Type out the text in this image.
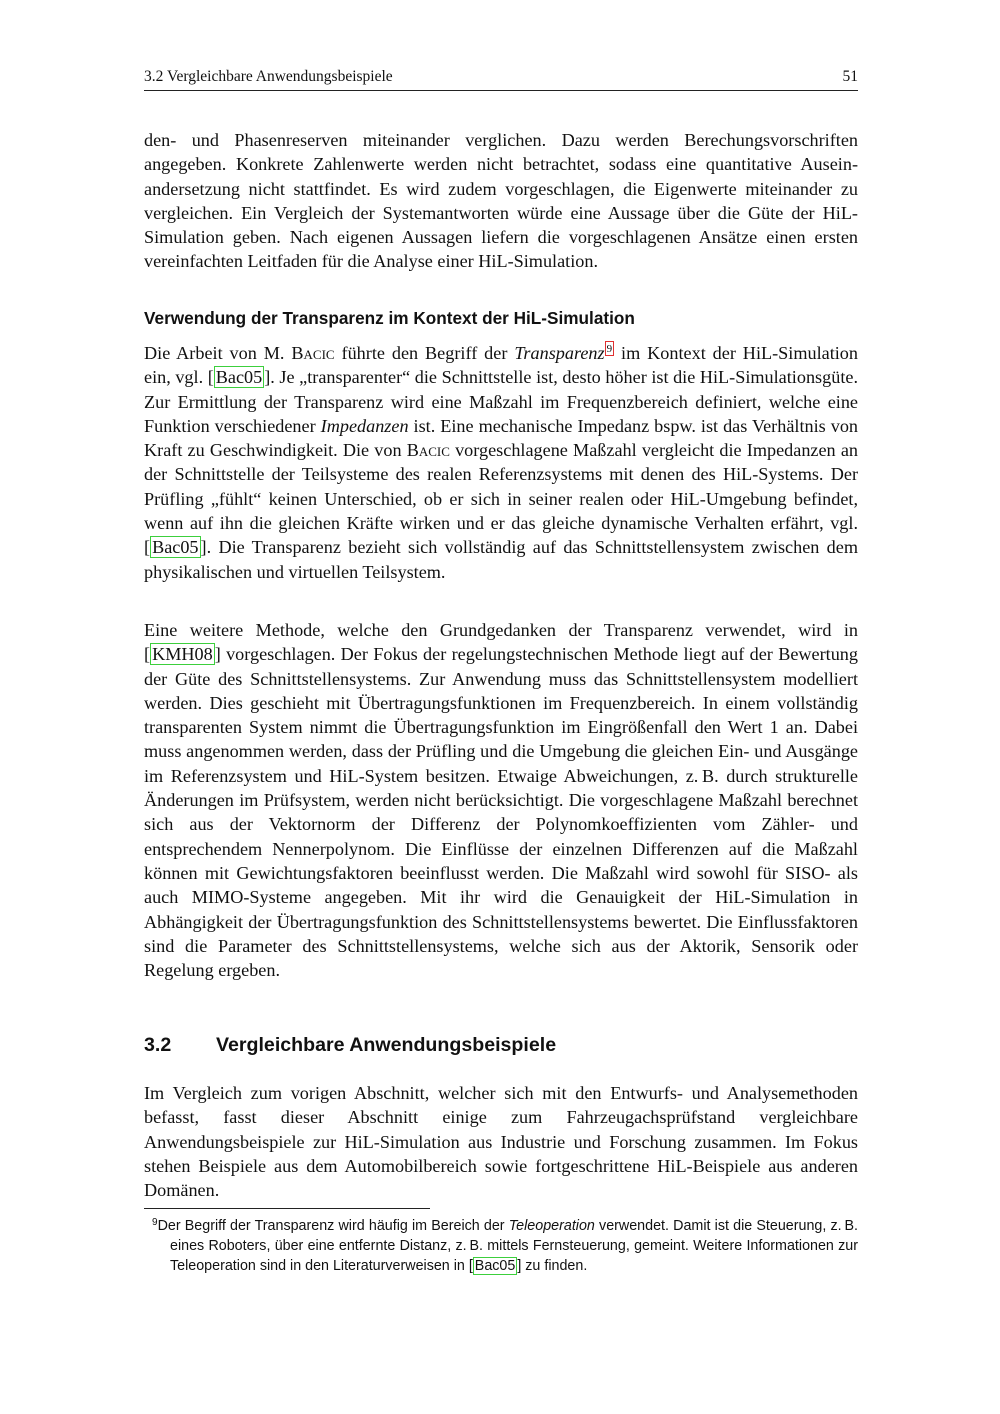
3.2 Vergleichbare Anwendungsbeispiele	51

den- und Phasenreserven miteinander verglichen. Dazu werden Berechungsvorschriften angegeben. Konkrete Zahlenwerte werden nicht betrachtet, sodass eine quantitative Auseinandersetzung nicht stattfindet. Es wird zudem vorgeschlagen, die Eigenwerte miteinander zu vergleichen. Ein Vergleich der Systemantworten würde eine Aussage über die Güte der HiL-Simulation geben. Nach eigenen Aussagen liefern die vorgeschlagenen Ansätze einen ersten vereinfachten Leitfaden für die Analyse einer HiL-Simulation.

Verwendung der Transparenz im Kontext der HiL-Simulation

Die Arbeit von M. Bacic führte den Begriff der Transparenz $^9$ im Kontext der HiL-Simulation ein, vgl. [ Bac05 ]. Je „transparenter“ die Schnittstelle ist, desto höher ist die HiL-Simulationsgüte. Zur Ermittlung der Transparenz wird eine Maßzahl im Frequenzbereich definiert, welche eine Funktion verschiedener Impedanzen ist. Eine mechanische Impedanz bspw. ist das Verhältnis von Kraft zu Geschwindigkeit. Die von Bacic vorgeschlagene Maßzahl vergleicht die Impedanzen an der Schnittstelle der Teilsysteme des realen Referenzsystems mit denen des HiL-Systems. Der Prüfling „fühlt“ keinen Unterschied, ob er sich in seiner realen oder HiL-Umgebung befindet, wenn auf ihn die gleichen Kräfte wirken und er das gleiche dynamische Verhalten erfährt, vgl. [ Bac05 ]. Die Transparenz bezieht sich vollständig auf das Schnittstellensystem zwischen dem physikalischen und virtuellen Teilsystem.

Eine weitere Methode, welche den Grundgedanken der Transparenz verwendet, wird in [ KMH08 ] vorgeschlagen. Der Fokus der regelungstechnischen Methode liegt auf der Bewertung der Güte des Schnittstellensystems. Zur Anwendung muss das Schnittstellensystem modelliert werden. Dies geschieht mit Übertragungsfunktionen im Frequenzbereich. In einem vollständig transparenten System nimmt die Übertragungsfunktion im Eingrößenfall den Wert 1 an. Dabei muss angenommen werden, dass der Prüfling und die Umgebung die gleichen Ein- und Ausgänge im Referenzsystem und HiL-System besitzen. Etwaige Abweichungen, z. B. durch strukturelle Änderungen im Prüfsystem, werden nicht berücksichtigt. Die vorgeschlagene Maßzahl berechnet sich aus der Vektornorm der Differenz der Polynomkoeffizienten vom Zähler- und entsprechendem Nennerpolynom. Die Einflüsse der einzelnen Differenzen auf die Maßzahl können mit Gewichtungsfaktoren beeinflusst werden. Die Maßzahl wird sowohl für SISO- als auch MIMO-Systeme angegeben. Mit ihr wird die Genauigkeit der HiL-Simulation in Abhängigkeit der Übertragungsfunktion des Schnittstellensystems bewertet. Die Einflussfaktoren sind die Parameter des Schnittstellensystems, welche sich aus der Aktorik, Sensorik oder Regelung ergeben.

3.2 Vergleichbare Anwendungsbeispiele

Im Vergleich zum vorigen Abschnitt, welcher sich mit den Entwurfs- und Analysemethoden befasst, fasst dieser Abschnitt einige zum Fahrzeugachsprüfstand vergleichbare Anwendungsbeispiele zur HiL-Simulation aus Industrie und Forschung zusammen. Im Fokus stehen Beispiele aus dem Automobilbereich sowie fortgeschrittene HiL-Beispiele aus anderen Domänen.

$^9$Der Begriff der Transparenz wird häufig im Bereich der Teleoperation verwendet. Damit ist die Steuerung, z. B. eines Roboters, über eine entfernte Distanz, z. B. mittels Fernsteuerung, gemeint. Weitere Informationen zur Teleoperation sind in den Literaturverweisen in [ Bac05 ] zu finden.
